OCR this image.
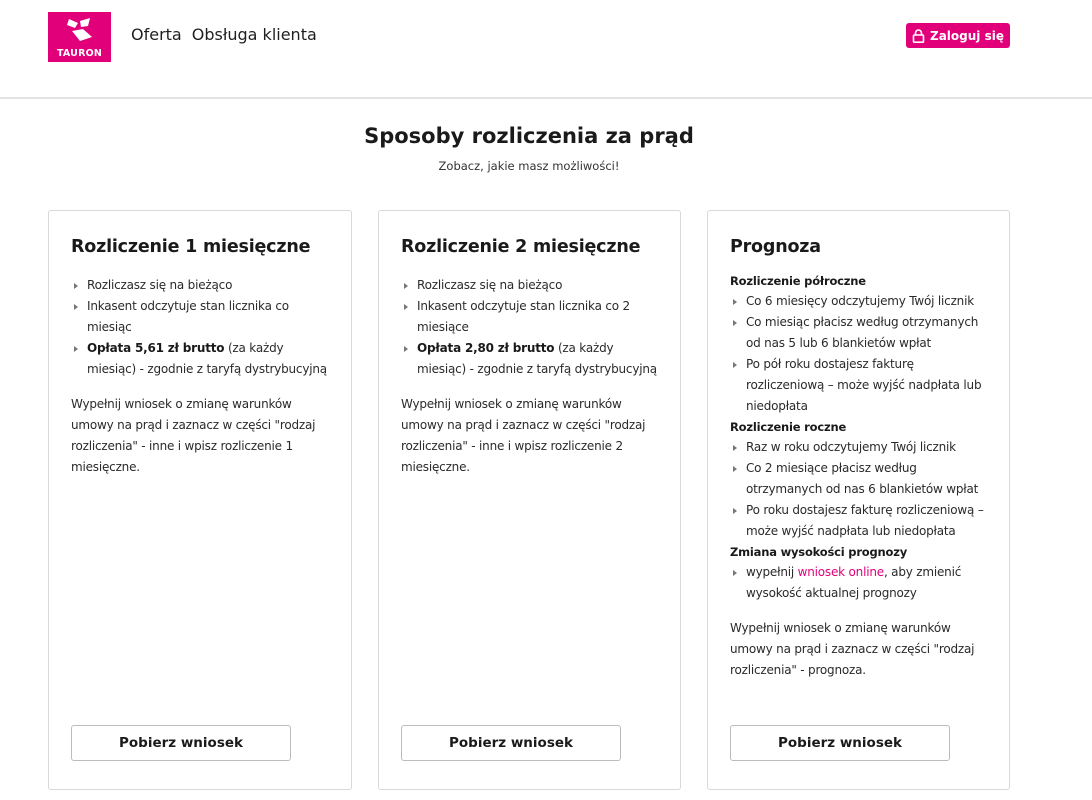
TAURON
Oferta Obsługa klienta	Zaloguj się
Sposoby rozliczenia za prąd

Zobacz, jakie masz możliwości!

Rozliczenie 1 miesięczne
Rozliczasz się na bieżąco
Inkasent odczytuje stan licznika co miesiąc
Opłata 5,61 zł brutto (za każdy miesiąc) - zgodnie z taryfą dystrybucyjną

Wypełnij wniosek o zmianę warunków umowy na prąd i zaznacz w części "rodzaj rozliczenia" - inne i wpisz rozliczenie 1 miesięczne.

Pobierz wniosek
Rozliczenie 2 miesięczne
Rozliczasz się na bieżąco
Inkasent odczytuje stan licznika co 2 miesiące
Opłata 2,80 zł brutto (za każdy miesiąc) - zgodnie z taryfą dystrybucyjną

Wypełnij wniosek o zmianę warunków umowy na prąd i zaznacz w części "rodzaj rozliczenia" - inne i wpisz rozliczenie 2 miesięczne.

Pobierz wniosek
Prognoza

Rozliczenie półroczne

Co 6 miesięcy odczytujemy Twój licznik
Co miesiąc płacisz według otrzymanych od nas 5 lub 6 blankietów wpłat
Po pół roku dostajesz fakturę rozliczeniową – może wyjść nadpłata lub niedopłata

Rozliczenie roczne

Raz w roku odczytujemy Twój licznik
Co 2 miesiące płacisz według otrzymanych od nas 6 blankietów wpłat
Po roku dostajesz fakturę rozliczeniową – może wyjść nadpłata lub niedopłata

Zmiana wysokości prognozy

wypełnij wniosek online, aby zmienić wysokość aktualnej prognozy

Wypełnij wniosek o zmianę warunków umowy na prąd i zaznacz w części "rodzaj rozliczenia" - prognoza.

Pobierz wniosek
